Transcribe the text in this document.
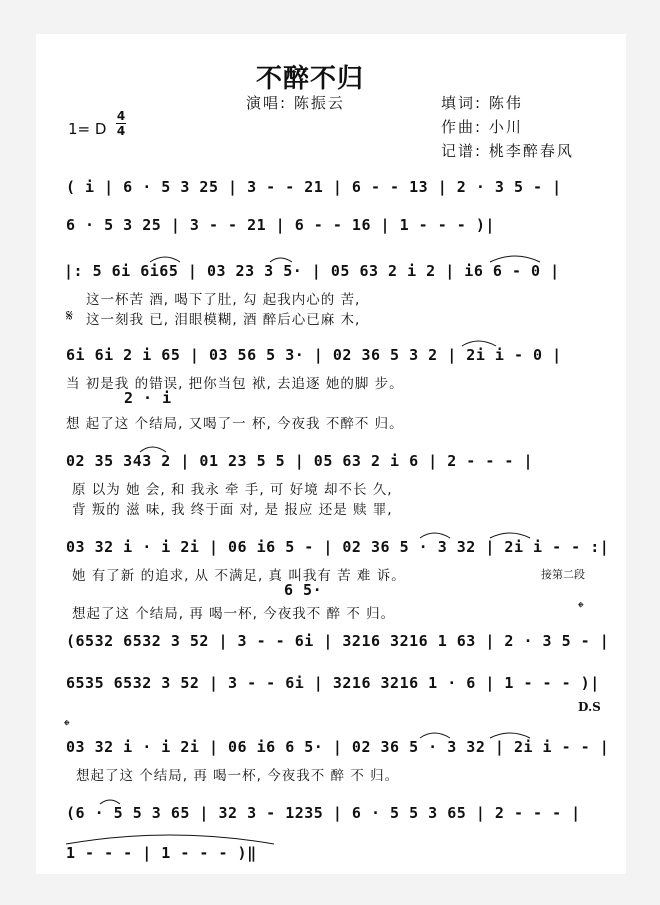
不醉不归
演唱: 陈振云	填词: 陈伟
作曲: 小川
记谱: 桃李醉春风
1= D
4
4
( i | 6 · 5 3 25 | 3 - - 21 | 6 - - 13 | 2 · 3 5 - |
6 · 5 3 25 | 3 - - 21 | 6 - - 16 | 1 - - - )|
|: 5 6i 6i65 | 03 23 3 5· | 05 63 2 i 2 | i6 6 - 0 |
这一杯苦 酒, 喝下了肚, 勾 起我内心的 苦,
𝄋 这一刻我 已, 泪眼模糊, 酒 醉后心已麻 木,
6i 6i 2 i 65 | 03 56 5 3· | 02 36 5 3 2 | 2i i - 0 |
当 初是我 的错误, 把你当包 袱, 去追逐 她的脚 步。
2 · i
想 起了这 个结局, 又喝了一 杯, 今夜我 不醉不 归。
02 35 343 2 | 01 23 5 5 | 05 63 2 i 6 | 2 - - - |
原 以为 她 会, 和 我永 牵 手, 可 好境 却不长 久,
背 叛的 滋 味, 我 终于面 对, 是 报应 还是 赎 罪,
03 32 i · i 2i | 06 i6 5 - | 02 36 5 · 3 32 | 2i i - - :|
她 有了新 的追求, 从 不满足, 真 叫我有 苦 难 诉。	接第二段
6 5·
想起了这 个结局, 再 喝一杯, 今夜我不 醉 不 归。	𝄌
(6532 6532 3 52 | 3 - - 6i | 3216 3216 1 63 | 2 · 3 5 - |
6535 6532 3 52 | 3 - - 6i | 3216 3216 1 · 6 | 1 - - - )|
D.S
𝄌
03 32 i · i 2i | 06 i6 6 5· | 02 36 5 · 3 32 | 2i i - - |
想起了这 个结局, 再 喝一杯, 今夜我不 醉 不 归。
(6 · 5 5 3 65 | 32 3 - 1235 | 6 · 5 5 3 65 | 2 - - - |
1 - - - | 1 - - - )‖
